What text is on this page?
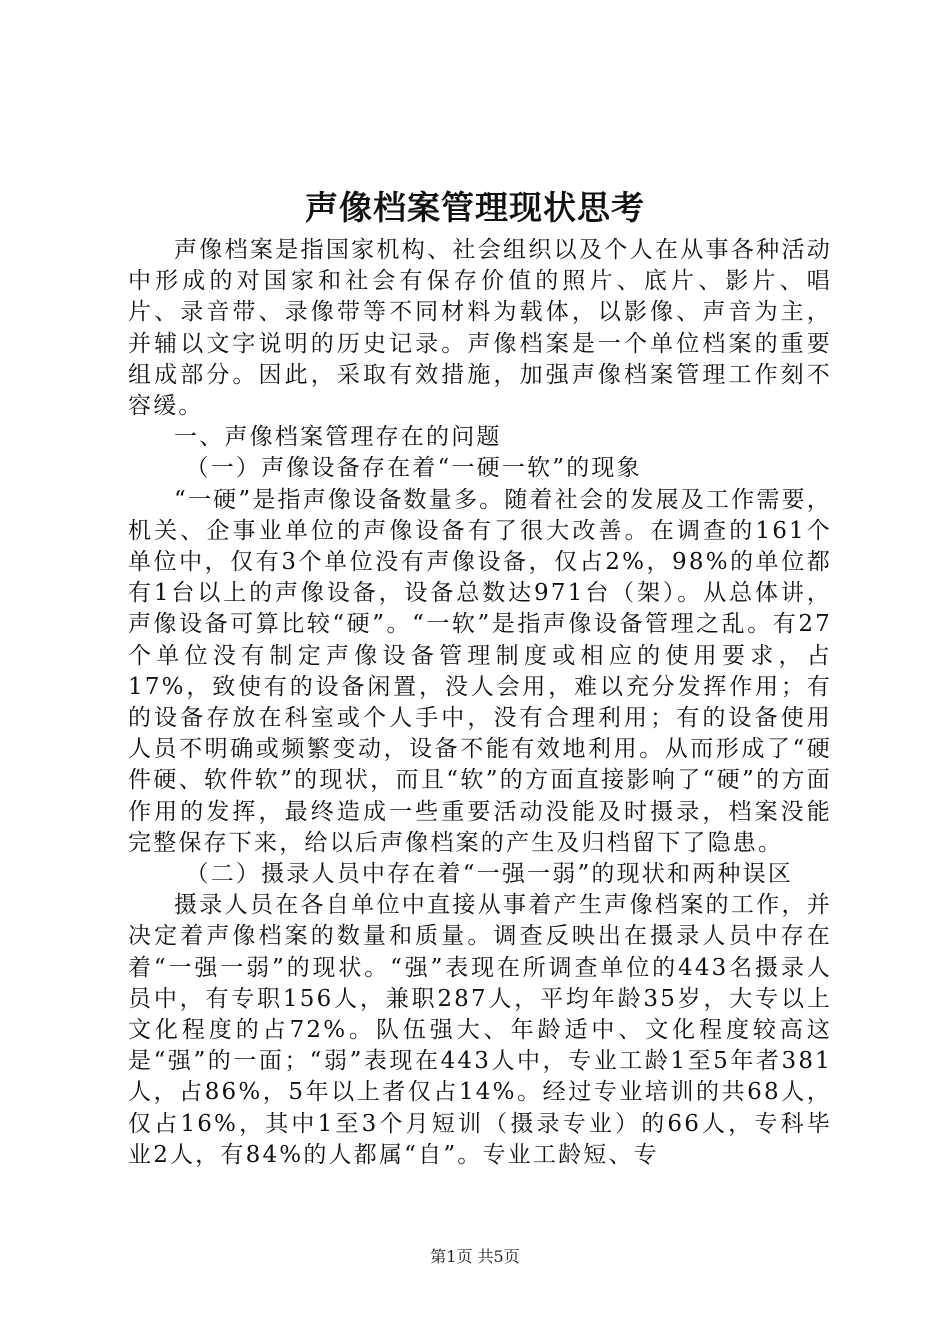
声像档案管理现状思考

声像档案是指国家机构、社会组织以及个人在从事各种活动中形成的对国家和社会有保存价值的照片、底片、影片、唱片、录音带、录像带等不同材料为载体，以影像、声音为主，并辅以文字说明的历史记录。声像档案是一个单位档案的重要组成部分。因此，采取有效措施，加强声像档案管理工作刻不容缓。

一、声像档案管理存在的问题

（一）声像设备存在着“一硬一软”的现象

“一硬”是指声像设备数量多。随着社会的发展及工作需要，机关、企事业单位的声像设备有了很大改善。在调查的161个单位中，仅有3个单位没有声像设备，仅占2%，98%的单位都有1台以上的声像设备，设备总数达971台（架）。从总体讲，声像设备可算比较“硬”。“一软”是指声像设备管理之乱。有27个单位没有制定声像设备管理制度或相应的使用要求，占17%，致使有的设备闲置，没人会用，难以充分发挥作用；有的设备存放在科室或个人手中，没有合理利用；有的设备使用人员不明确或频繁变动，设备不能有效地利用。从而形成了“硬件硬、软件软”的现状，而且“软”的方面直接影响了“硬”的方面作用的发挥，最终造成一些重要活动没能及时摄录，档案没能完整保存下来，给以后声像档案的产生及归档留下了隐患。

（二）摄录人员中存在着“一强一弱”的现状和两种误区

摄录人员在各自单位中直接从事着产生声像档案的工作，并决定着声像档案的数量和质量。调查反映出在摄录人员中存在着“一强一弱”的现状。“强”表现在所调查单位的443名摄录人员中，有专职156人，兼职287人，平均年龄35岁，大专以上文化程度的占72%。队伍强大、年龄适中、文化程度较高这是“强”的一面；“弱”表现在443人中，专业工龄1至5年者381人，占86%，5年以上者仅占14%。经过专业培训的共68人，仅占16%，其中1至3个月短训（摄录专业）的66人，专科毕业2人，有84%的人都属“自”。专业工龄短、专

第1页 共5页
